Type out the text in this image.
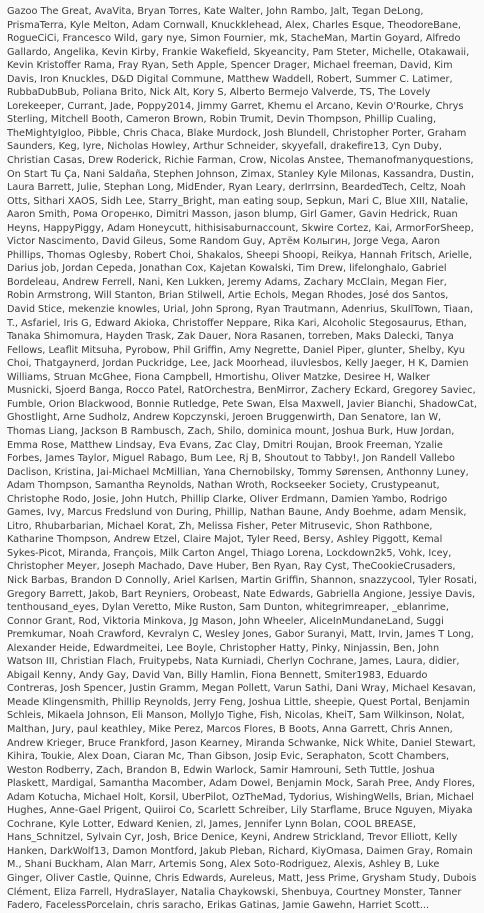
Gazoo The Great, AvaVita, Bryan Torres, Kate Walter, John Rambo, Jalt, Tegan DeLong, PrismaTerra, Kyle Melton, Adam Cornwall, Knuckklehead, Alex, Charles Esque, TheodoreBane, RogueCiCi, Francesco Wild, gary nye, Simon Fournier, mk, StacheMan, Martin Goyard, Alfredo Gallardo, Angelika, Kevin Kirby, Frankie Wakefield, Skyeancity, Pam Steter, Michelle, Otakawaii, Kevin Kristoffer Rama, Fray Ryan, Seth Apple, Spencer Drager, Michael freeman, David, Kim Davis, Iron Knuckles, D&D Digital Commune, Matthew Waddell, Robert, Summer C. Latimer, RubbaDubBub, Poliana Brito, Nick Alt, Kory S, Alberto Bermejo Valverde, TS, The Lovely Lorekeeper, Currant, Jade, Poppy2014, Jimmy Garret, Khemu el Arcano, Kevin O'Rourke, Chrys Sterling, Mitchell Booth, Cameron Brown, Robin Trumit, Devin Thompson, Phillip Cualing, TheMightyIgloo, Pibble, Chris Chaca, Blake Murdock, Josh Blundell, Christopher Porter, Graham Saunders, Keg, Iyre, Nicholas Howley, Arthur Schneider, skyyefall, drakefire13, Cyn Duby, Christian Casas, Drew Roderick, Richie Farman, Crow, Nicolas Anstee, Themanofmanyquestions, On Start Tu Ça, Nani Saldaña, Stephen Johnson, Zimax, Stanley Kyle Milonas, Kassandra, Dustin, Laura Barrett, Julie, Stephan Long, MidEnder, Ryan Leary, derIrrsinn, BeardedTech, Celtz, Noah Otts, Sithari XAOS, Sidh Lee, Starry_Bright, man eating soup, Sepkun, Mari C, Blue XIII, Natalie, Aaron Smith, Рома Огоренко, Dimitri Masson, jason blump, Girl Gamer, Gavin Hedrick, Ruan Heyns, HappyPiggy, Adam Honeycutt, hithisisaburnaccount, Skwire Cortez, Kai, ArmorForSheep, Victor Nascimento, David Gileus, Some Random Guy, Артём Колыгин, Jorge Vega, Aaron Phillips, Thomas Oglesby, Robert Choi, Shakalos, Sheepi Shoopi, Reikya, Hannah Fritsch, Arielle, Darius job, Jordan Cepeda, Jonathan Cox, Kajetan Kowalski, Tim Drew, lifelonghalo, Gabriel Bordeleau, Andrew Ferrell, Nani, Ken Lukken, Jeremy Adams, Zachary McClain, Megan Fier, Robin Armstrong, Will Stanton, Brian Stilwell, Artie Echols, Megan Rhodes, José dos Santos, David Stice, mekenzie knowles, Urial, John Sprong, Ryan Trautmann, Adenrius, SkullTown, Tiaan, T., Asfariel, Iris G, Edward Akioka, Christoffer Neppare, Rika Kari, Alcoholic Stegosaurus, Ethan, Tanaka Shimomura, Hayden Trask, Zak Dauer, Nora Rasanen, torreben, Maks Dalecki, Tanya Fellows, Leaflit Mitsuha, Pyrobow, Phil Griffin, Amy Negrette, Daniel Piper, glunter, Shelby, Kyu Choi, Thatgaynerd, Jordan Puckridge, Lee, Jack Moorhead, iluvlesbos, Kelly Jaeger, H K, Damien Williams, Struan McGhee, Fiona Campbell, Hmortishu, Oliver Matzke, Desiree H, Walker Musnicki, Sjoerd Banga, Rocco Patel, RatOrchestra, BenMirror, Zachery Eckard, Gregorey Saviec, Fumble, Orion Blackwood, Bonnie Rutledge, Pete Swan, Elsa Maxwell, Javier Bianchi, ShadowCat, Ghostlight, Arne Sudholz, Andrew Kopczynski, Jeroen Bruggenwirth, Dan Senatore, Ian W, Thomas Liang, Jackson B Rambusch, Zach, Shilo, dominica mount, Joshua Burk, Huw Jordan, Emma Rose, Matthew Lindsay, Eva Evans, Zac Clay, Dmitri Roujan, Brook Freeman, Yzalie Forbes, James Taylor, Miguel Rabago, Bum Lee, Rj B, Shoutout to Tabby!, Jon Randell Vallebo Daclison, Kristina, Jai-Michael McMillian, Yana Chernobilsky, Tommy Sørensen, Anthonny Luney, Adam Thompson, Samantha Reynolds, Nathan Wroth, Rockseeker Society, Crustypeanut, Christophe Rodo, Josie, John Hutch, Phillip Clarke, Oliver Erdmann, Damien Yambo, Rodrigo Games, Ivy, Marcus Fredslund von During, Phillip, Nathan Baune, Andy Boehme, adam Mensik, Litro, Rhubarbarian, Michael Korat, Zh, Melissa Fisher, Peter Mitrusevic, Shon Rathbone, Katharine Thompson, Andrew Etzel, Claire Majot, Tyler Reed, Bersy, Ashley Piggott, Kemal Sykes-Picot, Miranda, François, Milk Carton Angel, Thiago Lorena, Lockdown2k5, Vohk, Icey, Christopher Meyer, Joseph Machado, Dave Huber, Ben Ryan, Ray Cyst, TheCookieCrusaders, Nick Barbas, Brandon D Connolly, Ariel Karlsen, Martin Griffin, Shannon, snazzycool, Tyler Rosati, Gregory Barrett, Jakob, Bart Reyniers, Orobeast, Nate Edwards, Gabriella Angione, Jessiye Davis, tenthousand_eyes, Dylan Veretto, Mike Ruston, Sam Dunton, whitegrimreaper, _eblanrime, Connor Grant, Rod, Viktoria Minkova, Jg Mason, John Wheeler, AliceInMundaneLand, Suggi Premkumar, Noah Crawford, Kevralyn C, Wesley Jones, Gabor Suranyi, Matt, Irvin, James T Long, Alexander Heide, Edwardmeitei, Lee Boyle, Christopher Hatty, Pinky, Ninjassin, Ben, John Watson III, Christian Flach, Fruitypebs, Nata Kurniadi, Cherlyn Cochrane, James, Laura, didier, Abigail Kenny, Andy Gay, David Van, Billy Hamlin, Fiona Bennett, Smiter1983, Eduardo Contreras, Josh Spencer, Justin Gramm, Megan Pollett, Varun Sathi, Dani Wray, Michael Kesavan, Meade Klingensmith, Phillip Reynolds, Jerry Feng, Joshua Little, sheepie, Quest Portal, Benjamin Schleis, Mikaela Johnson, Eli Manson, MollyJo Tighe, Fish, Nicolas, KheiT, Sam Wilkinson, Nolat, Malthan, Jury, paul keathley, Mike Perez, Marcos Flores, B Boots, Anna Garrett, Chris Annen, Andrew Krieger, Bruce Frankford, Jason Kearney, Miranda Schwanke, Nick White, Daniel Stewart, Kihira, Toukie, Alex Doan, Ciaran Mc, Than Gibson, Josip Evic, Seraphaton, Scott Chambers, Weston Rodberry, Zach, Brandon B, Edwin Warlock, Samir Hamrouni, Seth Tuttle, Joshua Plaskett, Mardigal, Samantha Macomber, Adam Dowel, Benjamin Mock, Sarah Pree, Andy Flores, Adam Kotucha, Michael Holt, Korsil, UberPilot, OzTheMad, Tydorius, WishingWells, Brian, Michael Hughes, Anne-Gael Prigent, Quiiroi Co, Scarlett Schreiber, Lily Starflame, Bruce Nguyen, Miyaka Cochrane, Kyle Lotter, Edward Kenien, zl, James, Jennifer Lynn Bolan, COOL BREASE, Hans_Schnitzel, Sylvain Cyr, Josh, Brice Denice, Keyni, Andrew Strickland, Trevor Elliott, Kelly Hanken, DarkWolf13, Damon Montford, Jakub Pleban, Richard, KiyOmasa, Daimen Gray, Romain M., Shani Buckham, Alan Marr, Artemis Song, Alex Soto-Rodriguez, Alexis, Ashley B, Luke Ginger, Oliver Castle, Quinne, Chris Edwards, Aureleus, Matt, Jess Prime, Grysham Study, Dubois Clément, Eliza Farrell, HydraSlayer, Natalia Chaykowski, Shenbuya, Courtney Monster, Tanner Fadero, FacelessPorcelain, chris saracho, Erikas Gatinas, Jamie Gawehn, Harriet Scott...
